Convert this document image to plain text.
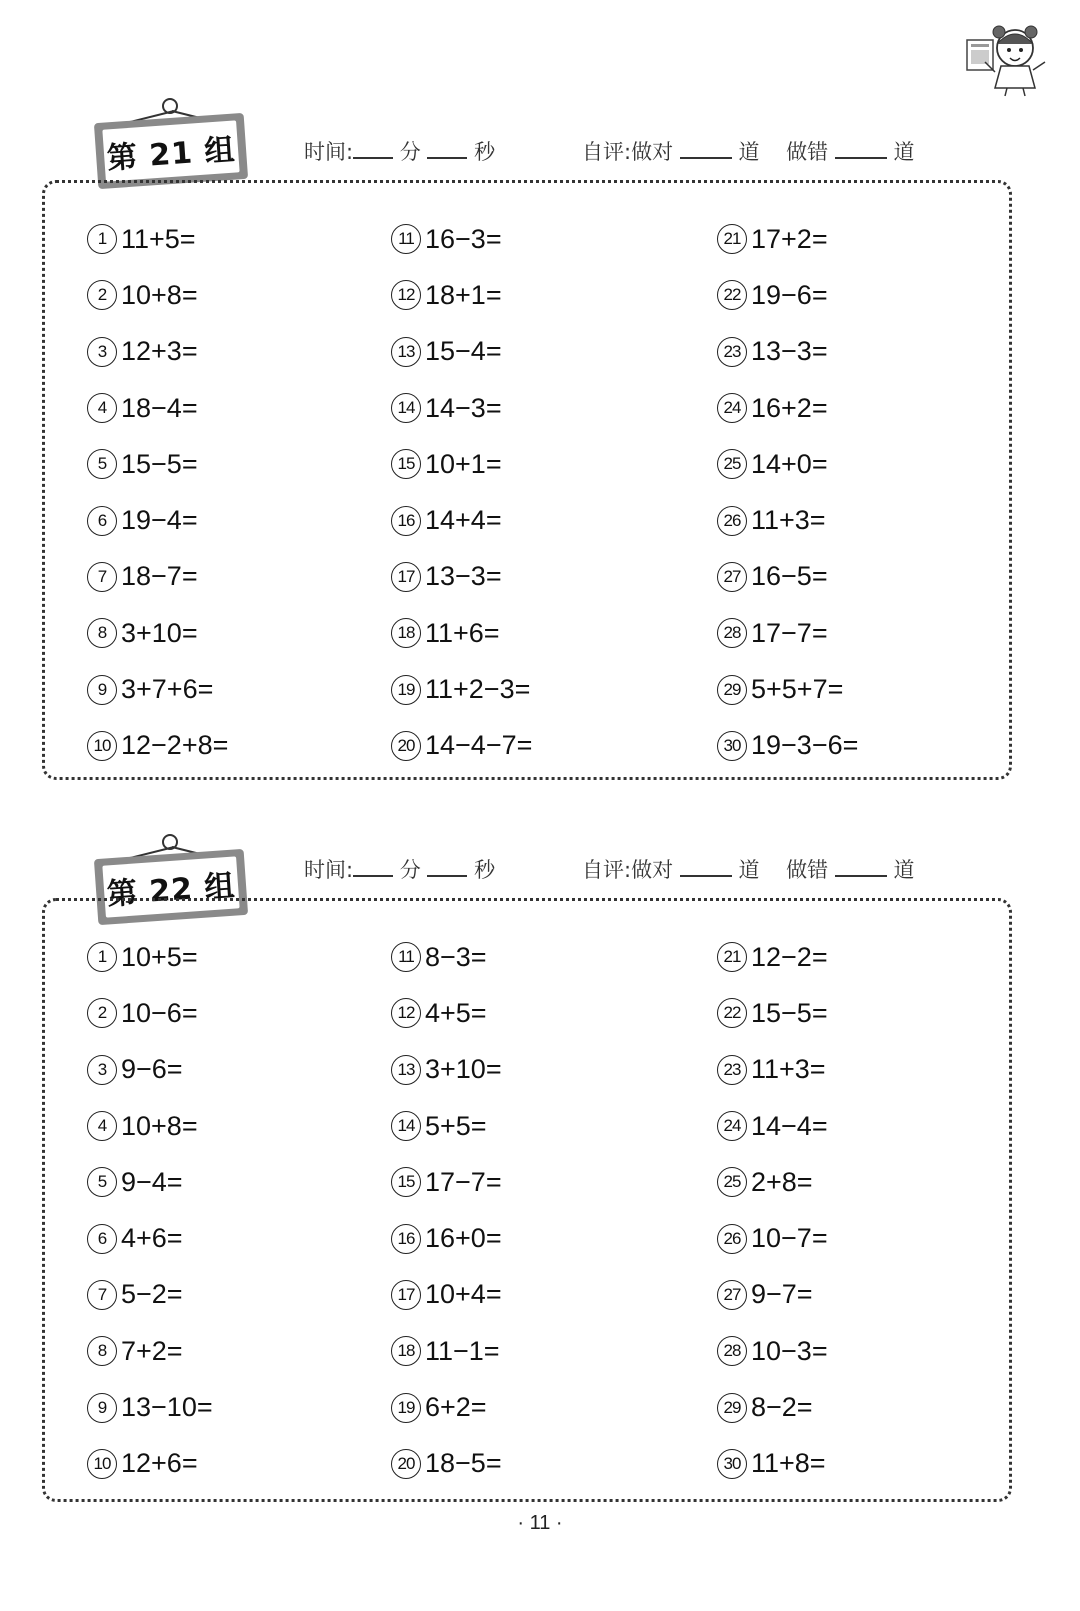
第 21 组	时间: 分	秒	自评:做对	道 做错	道
1 11+5=
2 10+8=
3 12+3=
4 18−4=
5 15−5=
6 19−4=
7 18−7=
8 3+10=
9 3+7+6=
10 12−2+8=
11 16−3=
12 18+1=
13 15−4=
14 14−3=
15 10+1=
16 14+4=
17 13−3=
18 11+6=
19 11+2−3=
20 14−4−7=
21 17+2=
22 19−6=
23 13−3=
24 16+2=
25 14+0=
26 11+3=
27 16−5=
28 17−7=
29 5+5+7=
30 19−3−6=
第 22 组	时间: 分	秒	自评:做对	道 做错	道
1 10+5=
2 10−6=
3 9−6=
4 10+8=
5 9−4=
6 4+6=
7 5−2=
8 7+2=
9 13−10=
10 12+6=
11 8−3=
12 4+5=
13 3+10=
14 5+5=
15 17−7=
16 16+0=
17 10+4=
18 11−1=
19 6+2=
20 18−5=
21 12−2=
22 15−5=
23 11+3=
24 14−4=
25 2+8=
26 10−7=
27 9−7=
28 10−3=
29 8−2=
30 11+8=
· 11 ·
